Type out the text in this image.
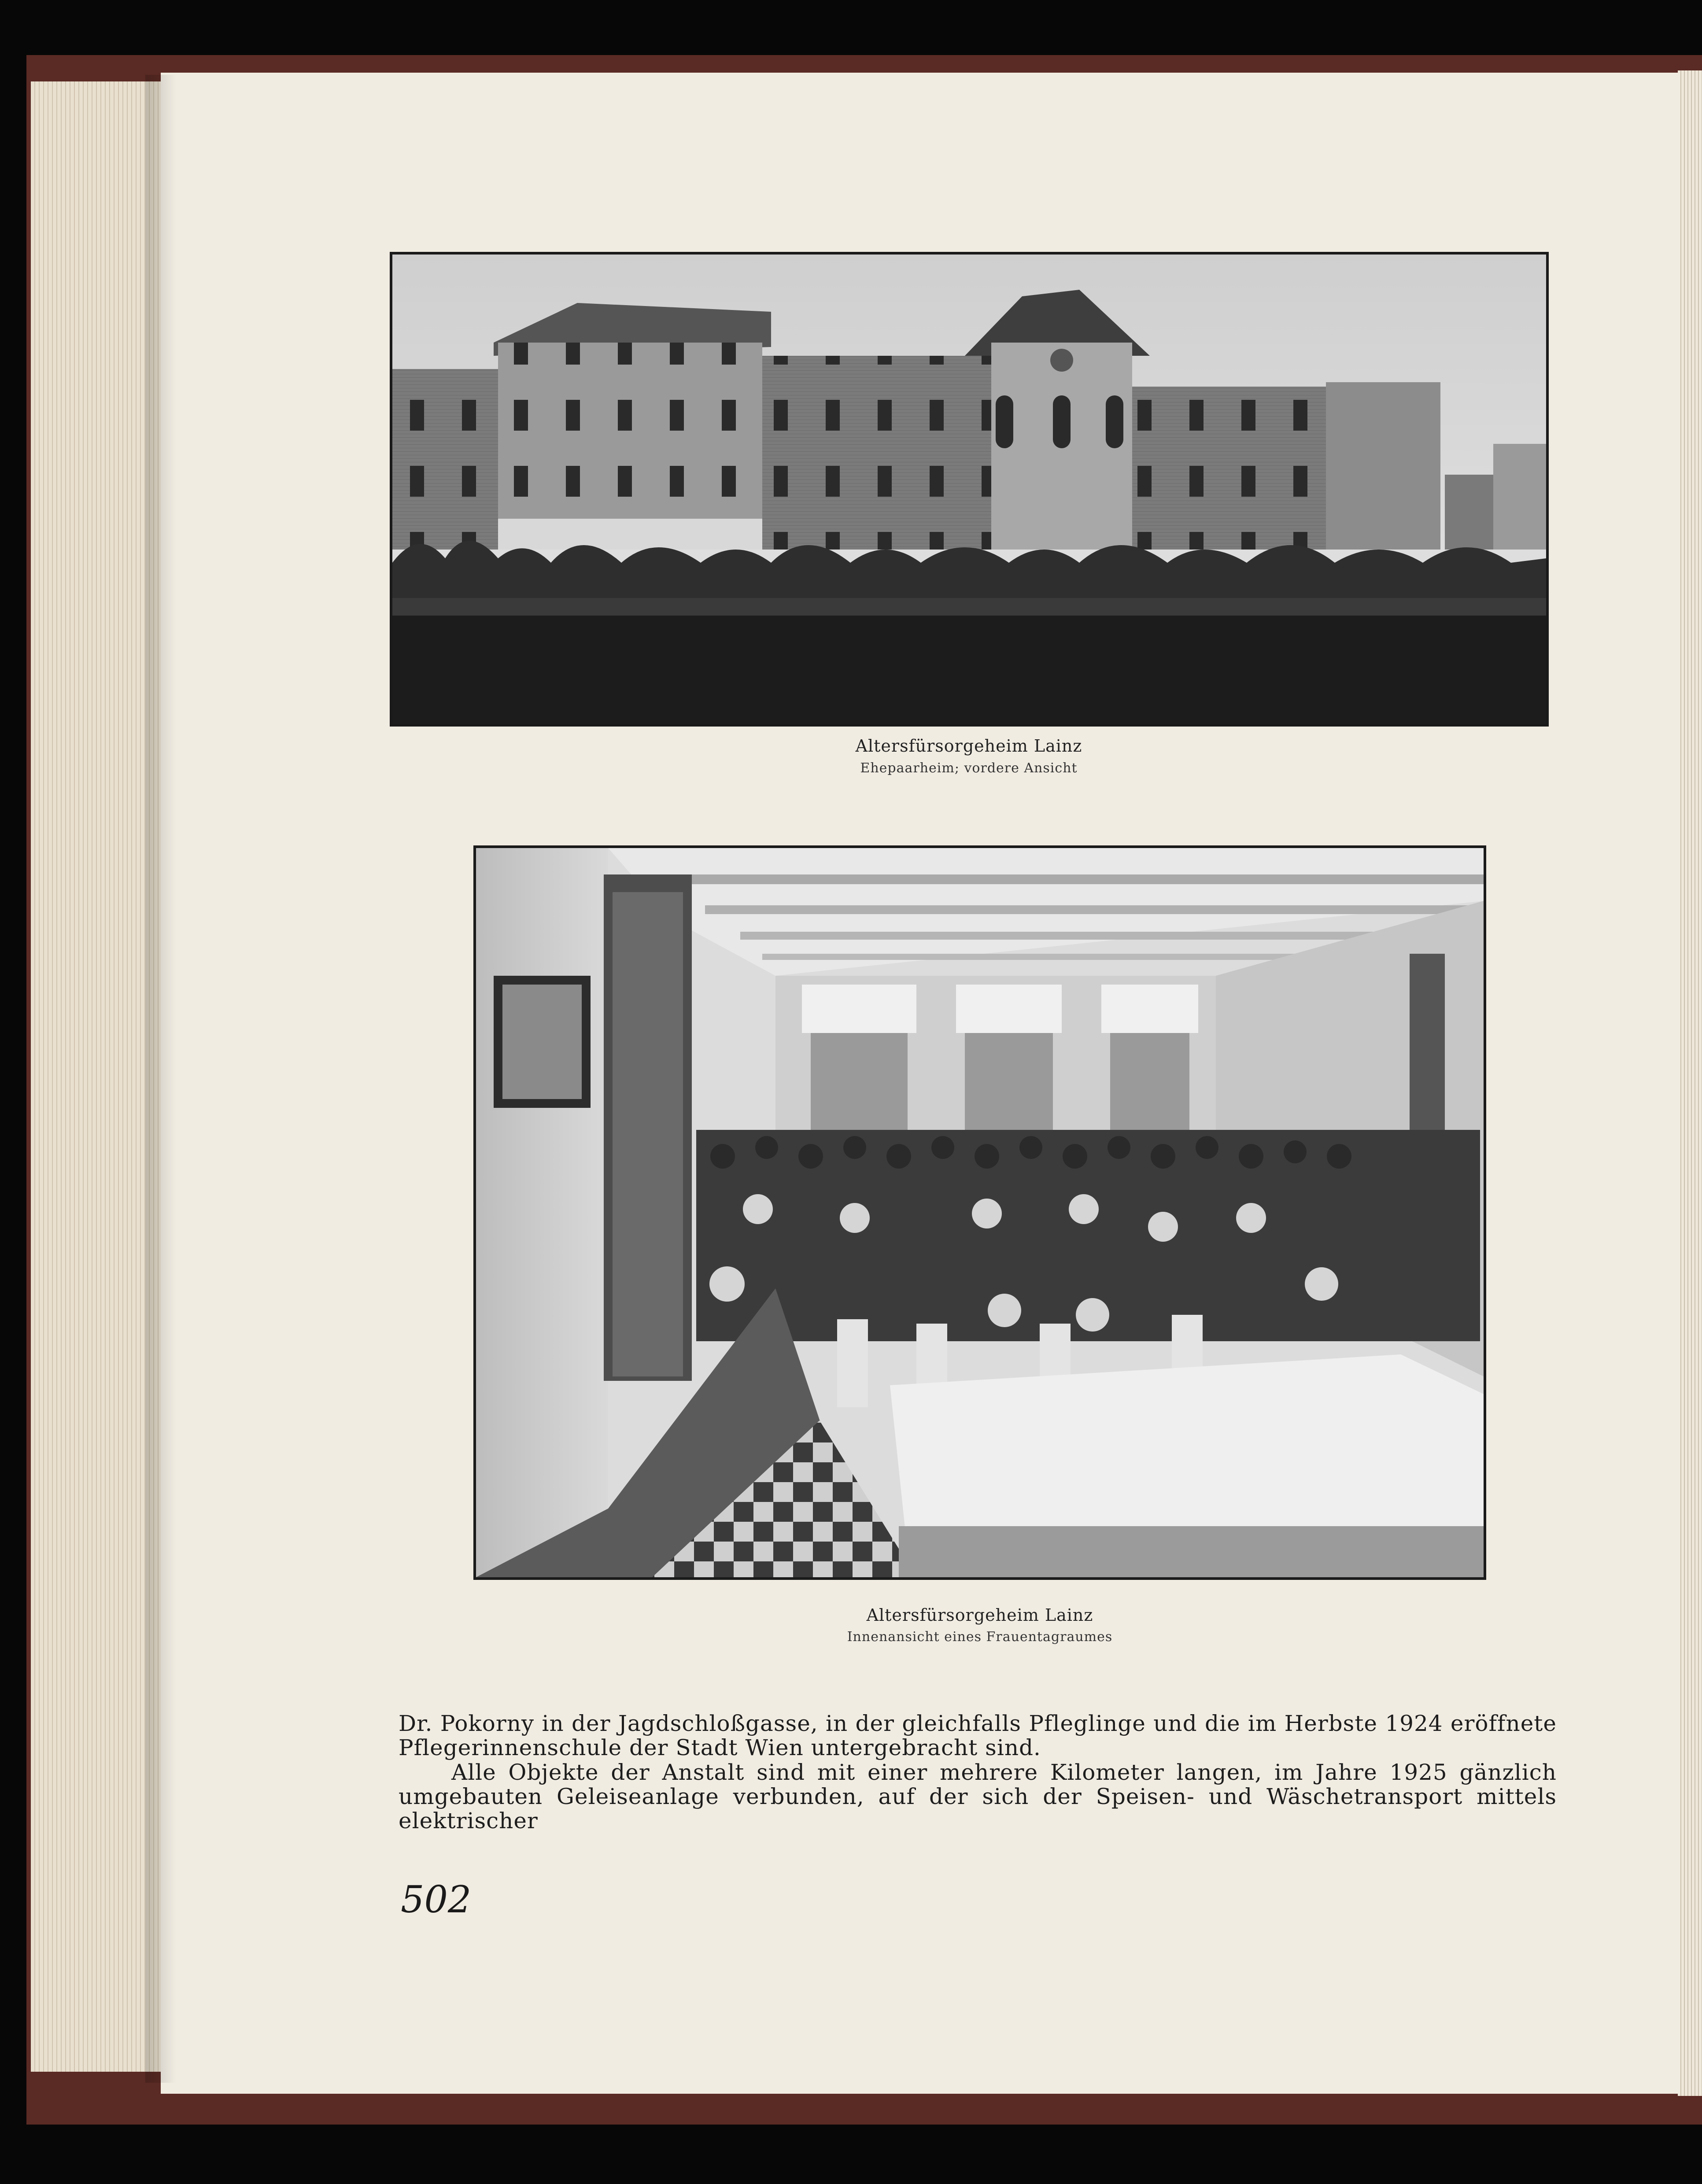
Altersfürsorgeheim Lainz
Ehepaarheim; vordere Ansicht
Altersfürsorgeheim Lainz
Innenansicht eines Frauentagraumes
Dr. Pokorny in der Jagdschloßgasse, in der gleichfalls Pfleglinge und die im Herbste 1924 eröffnete Pflegerinnenschule der Stadt Wien untergebracht sind.
Alle Objekte der Anstalt sind mit einer mehrere Kilometer langen, im Jahre 1925 gänzlich umgebauten Geleiseanlage verbunden, auf der sich der Speisen- und Wäschetransport mittels elektrischer
502
